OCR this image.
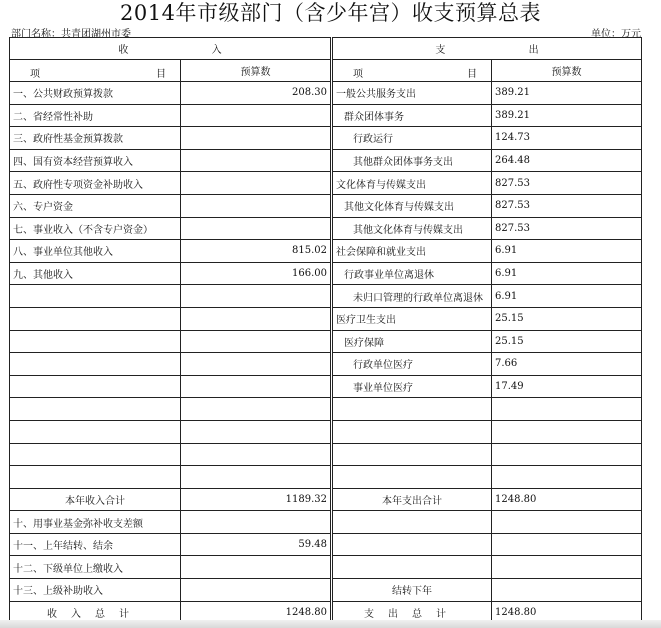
2014年市级部门（含少年宫）收支预算总表
部门名称：共青团湖州市委	单位：万元
收 入		支 出	

项 目	预算数	项 目	预算数
一、公共财政预算拨款	208.30	一般公共服务支出	389.21
二、省经常性补助		群众团体事务	389.21
三、政府性基金预算拨款		行政运行	124.73
四、国有资本经营预算收入		其他群众团体事务支出	264.48
五、政府性专项资金补助收入		文化体育与传媒支出	827.53
六、专户资金		其他文化体育与传媒支出	827.53
七、事业收入（不含专户资金）		其他文化体育与传媒支出	827.53
八、事业单位其他收入	815.02	社会保障和就业支出	6.91
九、其他收入	166.00	行政事业单位离退休	6.91
		未归口管理的行政单位离退休	6.91
		医疗卫生支出	25.15
		医疗保障	25.15
		行政单位医疗	7.66
		事业单位医疗	17.49

本年收入合计	1189.32	本年支出合计	1248.80
十、用事业基金弥补收支差额			
十一、上年结转、结余	59.48		
十二、下级单位上缴收入			
十三、上级补助收入		结转下年	
收入总计	1248.80	支出总计	1248.80
